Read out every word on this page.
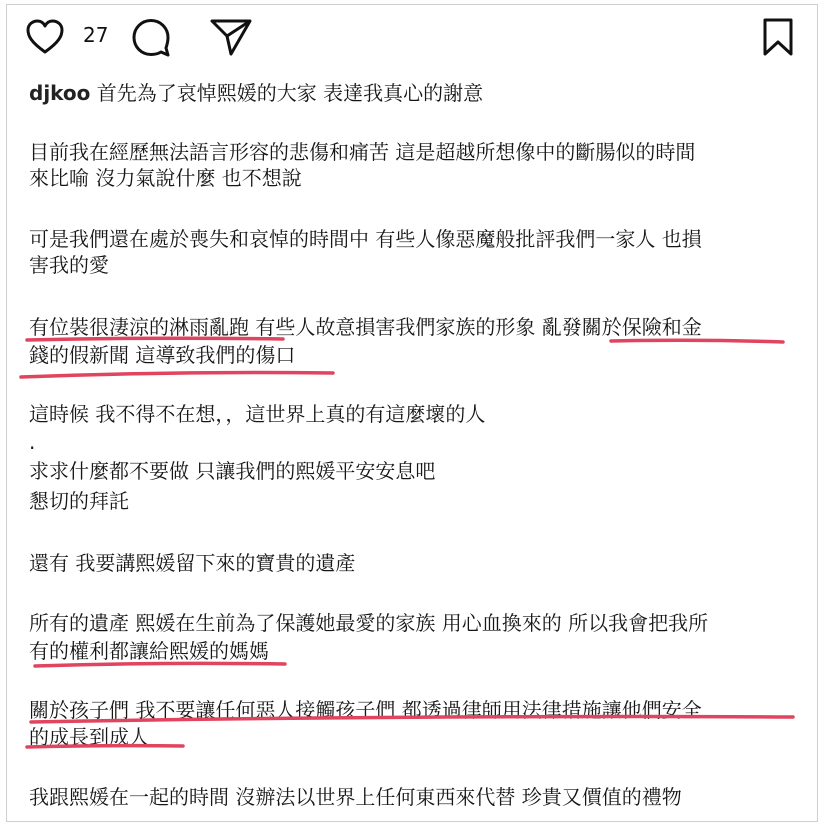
27
djkoo 首先為了哀悼熙媛的大家 表達我真心的謝意
目前我在經歷無法語言形容的悲傷和痛苦 這是超越所想像中的斷腸似的時間
來比喻 沒力氣說什麼 也不想說
可是我們還在處於喪失和哀悼的時間中 有些人像惡魔般批評我們一家人 也損
害我的愛
有位裝很淒涼的淋雨亂跑 有些人故意損害我們家族的形象 亂發關於保險和金
錢的假新聞 這導致我們的傷口
這時候 我不得不在想，，這世界上真的有這麼壞的人
.
求求什麼都不要做 只讓我們的熙媛平安安息吧
懇切的拜託
還有 我要講熙媛留下來的寶貴的遺產
所有的遺產 熙媛在生前為了保護她最愛的家族 用心血換來的 所以我會把我所
有的權利都讓給熙媛的媽媽
關於孩子們 我不要讓任何惡人接觸孩子們 都透過律師用法律措施讓他們安全
的成長到成人
我跟熙媛在一起的時間 沒辦法以世界上任何東西來代替 珍貴又價值的禮物
